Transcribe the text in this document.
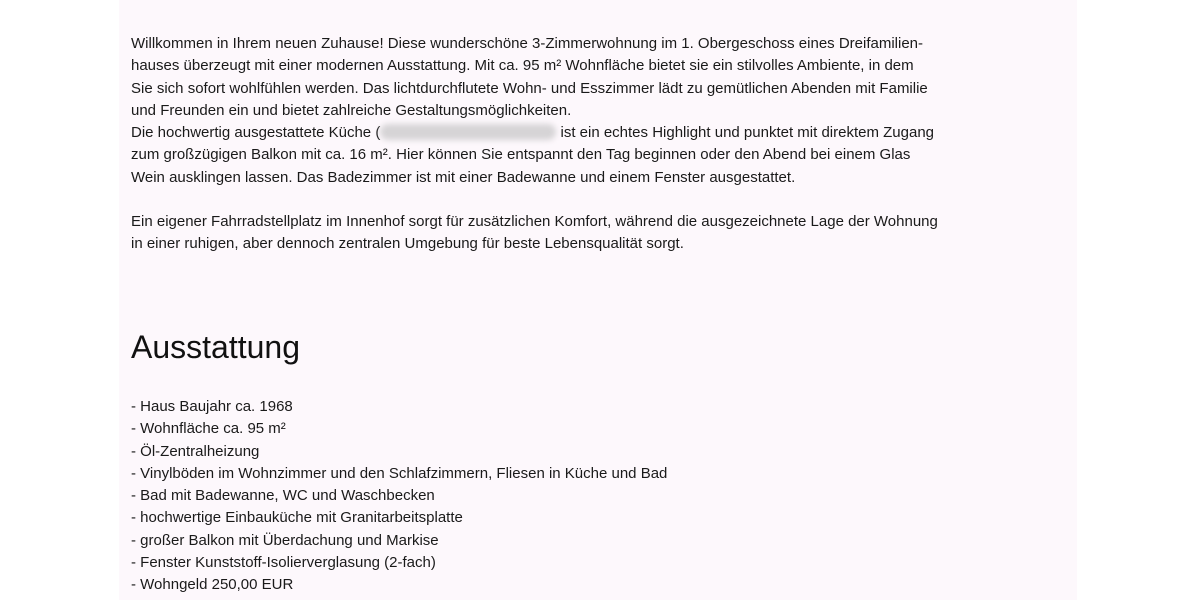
Willkommen in Ihrem neuen Zuhause! Diese wunderschöne 3-Zimmerwohnung im 1. Obergeschoss eines Dreifamilien-
hauses überzeugt mit einer modernen Ausstattung. Mit ca. 95 m² Wohnfläche bietet sie ein stilvolles Ambiente, in dem
Sie sich sofort wohlfühlen werden. Das lichtdurchflutete Wohn- und Esszimmer lädt zu gemütlichen Abenden mit Familie
und Freunden ein und bietet zahlreiche Gestaltungsmöglichkeiten.
Die hochwertig ausgestattete Küche (	ist ein echtes Highlight und punktet mit direktem Zugang
zum großzügigen Balkon mit ca. 16 m². Hier können Sie entspannt den Tag beginnen oder den Abend bei einem Glas
Wein ausklingen lassen. Das Badezimmer ist mit einer Badewanne und einem Fenster ausgestattet.

Ein eigener Fahrradstellplatz im Innenhof sorgt für zusätzlichen Komfort, während die ausgezeichnete Lage der Wohnung
in einer ruhigen, aber dennoch zentralen Umgebung für beste Lebensqualität sorgt.

Ausstattung
- Haus Baujahr ca. 1968
- Wohnfläche ca. 95 m²
- Öl-Zentralheizung
- Vinylböden im Wohnzimmer und den Schlafzimmern, Fliesen in Küche und Bad
- Bad mit Badewanne, WC und Waschbecken
- hochwertige Einbauküche mit Granitarbeitsplatte
- großer Balkon mit Überdachung und Markise
- Fenster Kunststoff-Isolierverglasung (2-fach)
- Wohngeld 250,00 EUR
